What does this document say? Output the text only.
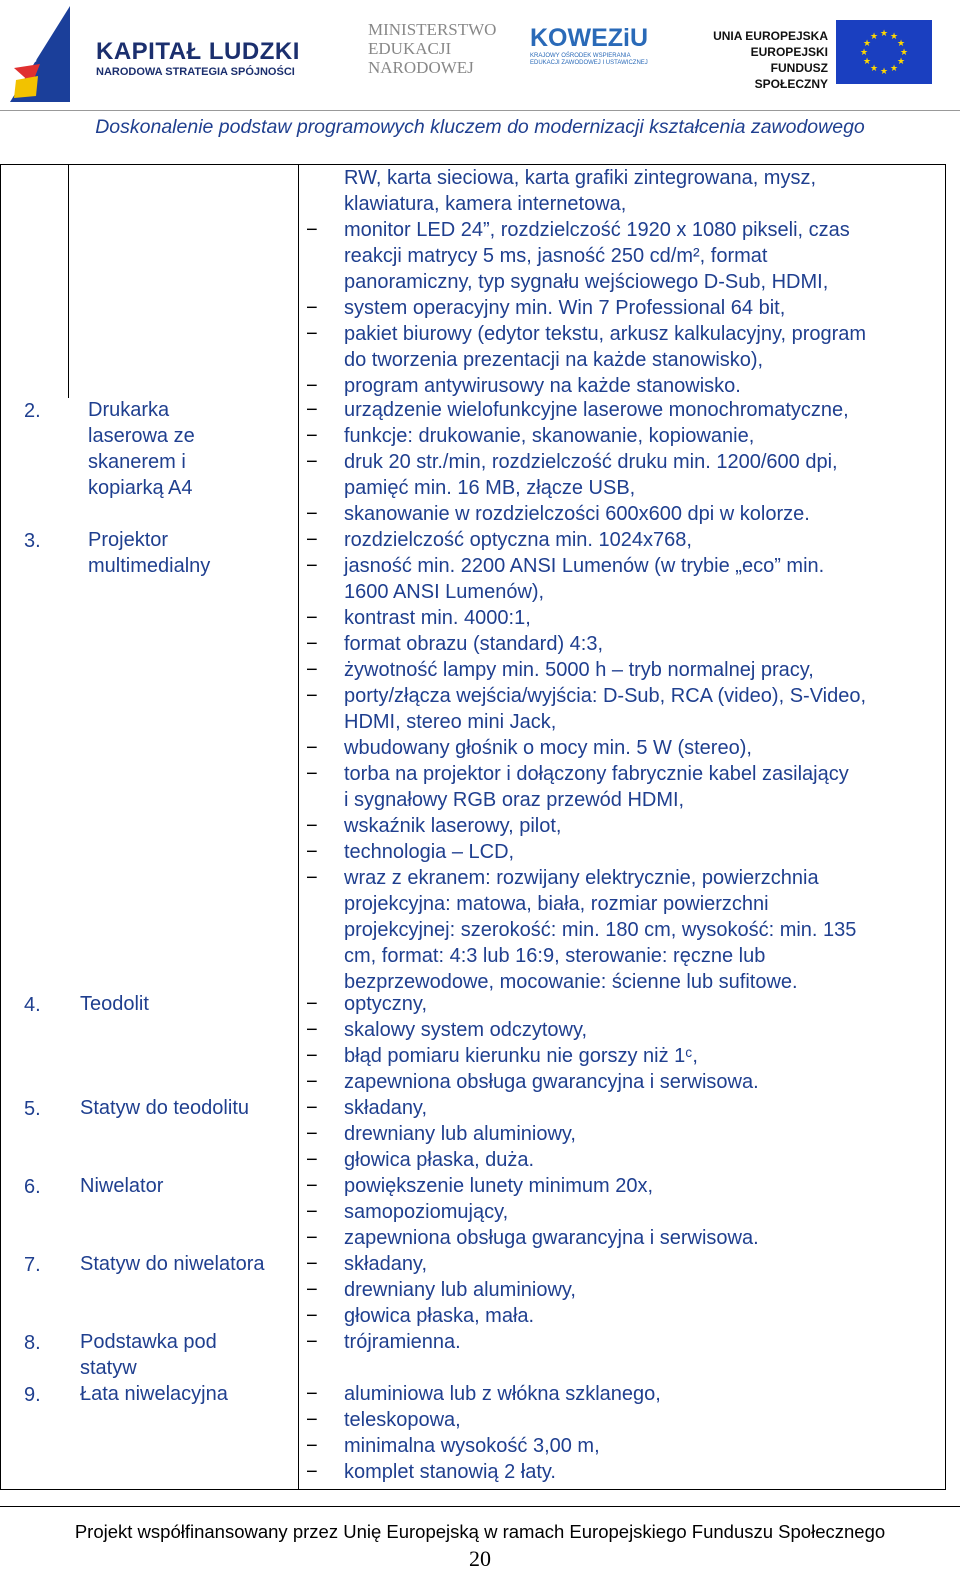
KAPITAŁ LUDZKI
NARODOWA STRATEGIA SPÓJNOŚCI
MINISTERSTWO
EDUKACJI
NARODOWEJ
KOWEZiU
KRAJOWY OŚRODEK WSPIERANIA
EDUKACJI ZAWODOWEJ I USTAWICZNEJ
UNIA EUROPEJSKA
EUROPEJSKI
FUNDUSZ SPOŁECZNY
★ ★
★
★
★
★
★
★
★
★
★
★
Doskonalenie podstaw programowych kluczem do modernizacji kształcenia zawodowego
RW, karta sieciowa, karta grafiki zintegrowana, mysz,
klawiatura, kamera internetowa,
− monitor LED 24”, rozdzielczość 1920 x 1080 pikseli, czas
reakcji matrycy 5 ms, jasność 250 cd/m², format
panoramiczny, typ sygnału wejściowego D-Sub, HDMI,
− system operacyjny min. Win 7 Professional 64 bit,
− pakiet biurowy (edytor tekstu, arkusz kalkulacyjny, program
do tworzenia prezentacji na każde stanowisko),
− program antywirusowy na każde stanowisko.
2. Drukarka laserowa ze skanerem i kopiarką A4
− urządzenie wielofunkcyjne laserowe monochromatyczne,
− funkcje: drukowanie, skanowanie, kopiowanie,
− druk 20 str./min, rozdzielczość druku min. 1200/600 dpi,
pamięć min. 16 MB, złącze USB,
− skanowanie w rozdzielczości 600x600 dpi w kolorze.
3. Projektor multimedialny
− rozdzielczość optyczna min. 1024x768,
− jasność min. 2200 ANSI Lumenów (w trybie „eco” min.
1600 ANSI Lumenów),
− kontrast min. 4000:1,
− format obrazu (standard) 4:3,
− żywotność lampy min. 5000 h – tryb normalnej pracy,
− porty/złącza wejścia/wyjścia: D-Sub, RCA (video), S-Video,
HDMI, stereo mini Jack,
− wbudowany głośnik o mocy min. 5 W (stereo),
− torba na projektor i dołączony fabrycznie kabel zasilający
i sygnałowy RGB oraz przewód HDMI,
− wskaźnik laserowy, pilot,
− technologia – LCD,
− wraz z ekranem: rozwijany elektrycznie, powierzchnia
projekcyjna: matowa, biała, rozmiar powierzchni
projekcyjnej: szerokość: min. 180 cm, wysokość: min. 135
cm, format: 4:3 lub 16:9, sterowanie: ręczne lub
bezprzewodowe, mocowanie: ścienne lub sufitowe.
4. Teodolit	− optyczny,
− skalowy system odczytowy,
− błąd pomiaru kierunku nie gorszy niż 1ᶜ,
− zapewniona obsługa gwarancyjna i serwisowa.
5. Statyw do teodolitu	− składany,
− drewniany lub aluminiowy,
− głowica płaska, duża.
6. Niwelator	− powiększenie lunety minimum 20x,
− samopoziomujący,
− zapewniona obsługa gwarancyjna i serwisowa.
7. Statyw do niwelatora	− składany,
− drewniany lub aluminiowy,
− głowica płaska, mała.
8. Podstawka pod statyw
− trójramienna.
9. Łata niwelacyjna	− aluminiowa lub z włókna szklanego,
− teleskopowa,
− minimalna wysokość 3,00 m,
− komplet stanowią 2 łaty.
Projekt współfinansowany przez Unię Europejską w ramach Europejskiego Funduszu Społecznego
20
